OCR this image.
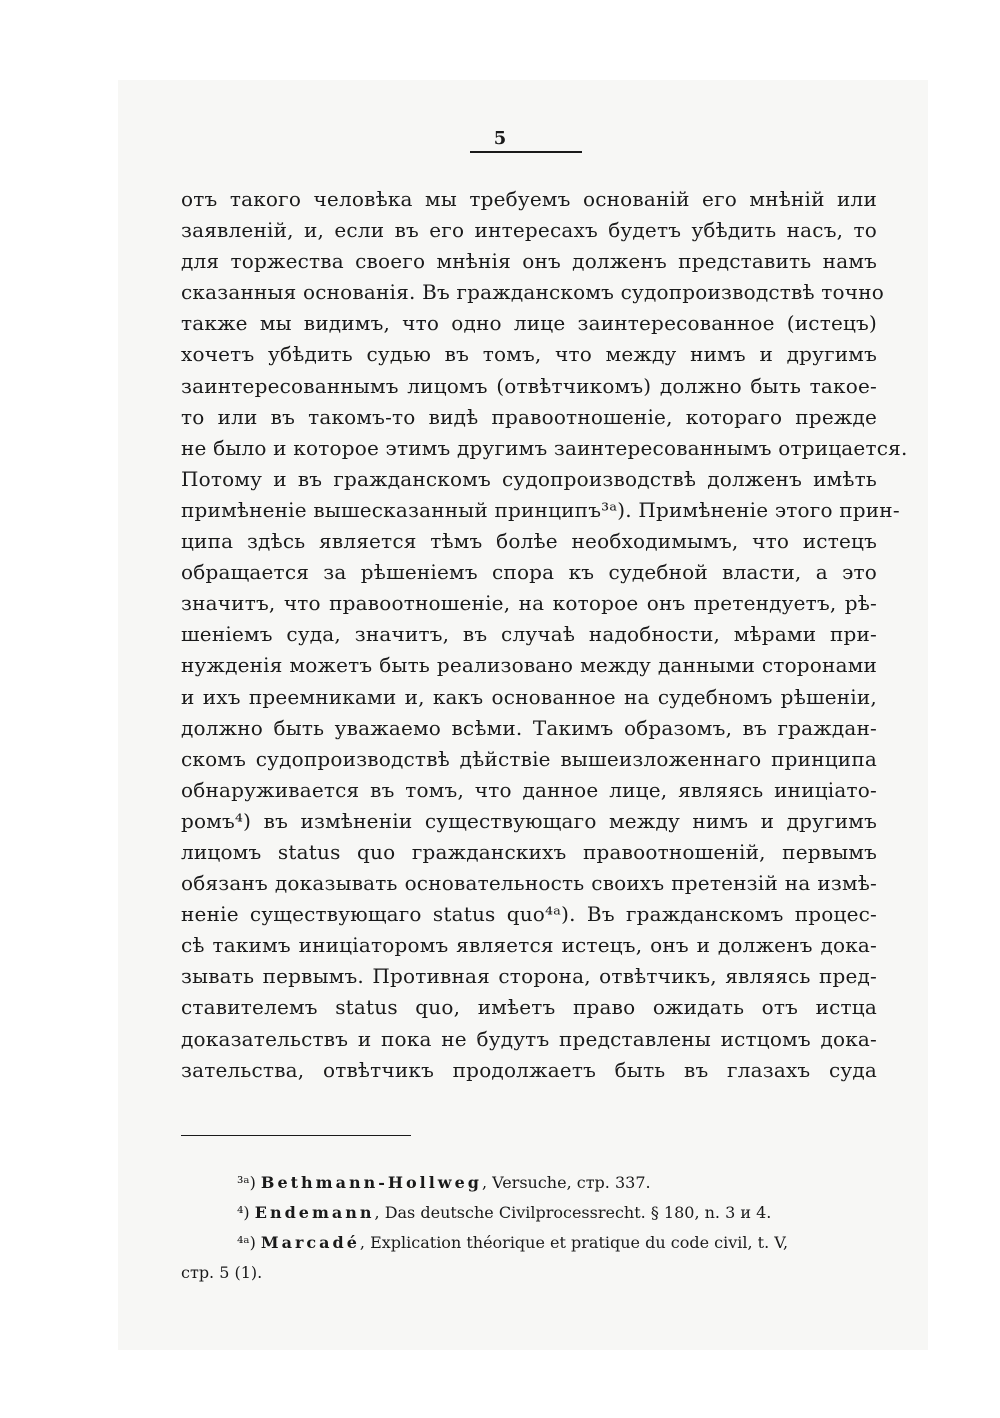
5
отъ такого человѣка мы требуемъ основаній его мнѣній или
заявленій, и, если въ его интересахъ будетъ убѣдить насъ, то
для торжества своего мнѣнія онъ долженъ представить намъ
сказанныя основанія. Въ гражданскомъ судопроизводствѣ точно
также мы видимъ, что одно лице заинтересованное (истецъ)
хочетъ убѣдить судью въ томъ, что между нимъ и другимъ
заинтересованнымъ лицомъ (отвѣтчикомъ) должно быть такое-
то или въ такомъ-то видѣ правоотношеніе, котораго прежде
не было и которое этимъ другимъ заинтересованнымъ отрицается.
Потому и въ гражданскомъ судопроизводствѣ долженъ имѣть
примѣненіе вышесказанный принципъ³ᵃ). Примѣненіе этого прин-
ципа здѣсь является тѣмъ болѣе необходимымъ, что истецъ
обращается за рѣшеніемъ спора къ судебной власти, а это
значитъ, что правоотношеніе, на которое онъ претендуетъ, рѣ-
шеніемъ суда, значитъ, въ случаѣ надобности, мѣрами при-
нужденія можетъ быть реализовано между данными сторонами
и ихъ преемниками и, какъ основанное на судебномъ рѣшеніи,
должно быть уважаемо всѣми. Такимъ образомъ, въ граждан-
скомъ судопроизводствѣ дѣйствіе вышеизложеннаго принципа
обнаруживается въ томъ, что данное лице, являясь иниціато-
ромъ⁴) въ измѣненіи существующаго между нимъ и другимъ
лицомъ status quo гражданскихъ правоотношеній, первымъ
обязанъ доказывать основательность своихъ претензій на измѣ-
неніе существующаго status quo⁴ᵃ). Въ гражданскомъ процес-
сѣ такимъ иниціаторомъ является истецъ, онъ и долженъ дока-
зывать первымъ. Противная сторона, отвѣтчикъ, являясь пред-
ставителемъ status quo, имѣетъ право ожидать отъ истца
доказательствъ и пока не будутъ представлены истцомъ дока-
зательства, отвѣтчикъ продолжаетъ быть въ глазахъ суда
³ᵃ) Bethmann-Hollweg, Versuche, стр. 337.
⁴) Endemann, Das deutsche Civilprocessrecht. § 180, n. 3 и 4.
⁴ᵃ) Marcadé, Explication théorique et pratique du code civil, t. V,
стр. 5 (1).
